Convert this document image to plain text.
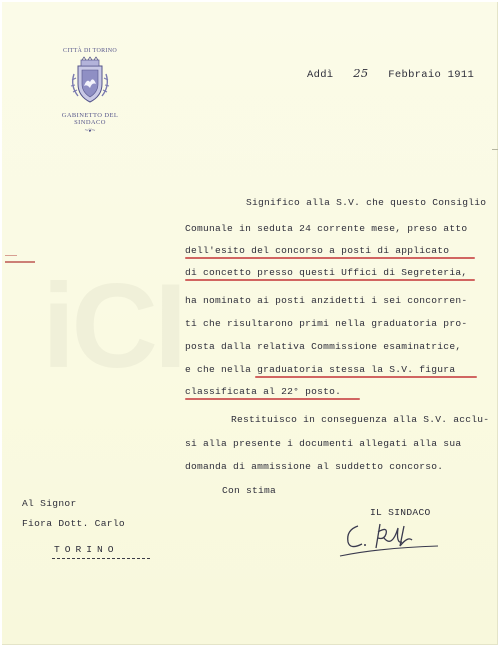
iCI
CITTÀ DI TORINO
GABINETTO DEL SINDACO
~❦~
Addì 25 Febbraio 1911
Significo alla S.V. che questo Consiglio
Comunale in seduta 24 corrente mese, preso atto
dell'esito del concorso a posti di applicato
di concetto presso questi Uffici di Segreteria,
ha nominato ai posti anzidetti i sei concorren-
ti che risultarono primi nella graduatoria pro-
posta dalla relativa Commissione esaminatrice,
e che nella graduatoria stessa la S.V. figura
classificata al 22° posto.
Restituisco in conseguenza alla S.V. acclu-
si alla presente i documenti allegati alla sua
domanda di ammissione al suddetto concorso.
Con stima
Al Signor
Fiora Dott. Carlo
TORINO
IL SINDACO
